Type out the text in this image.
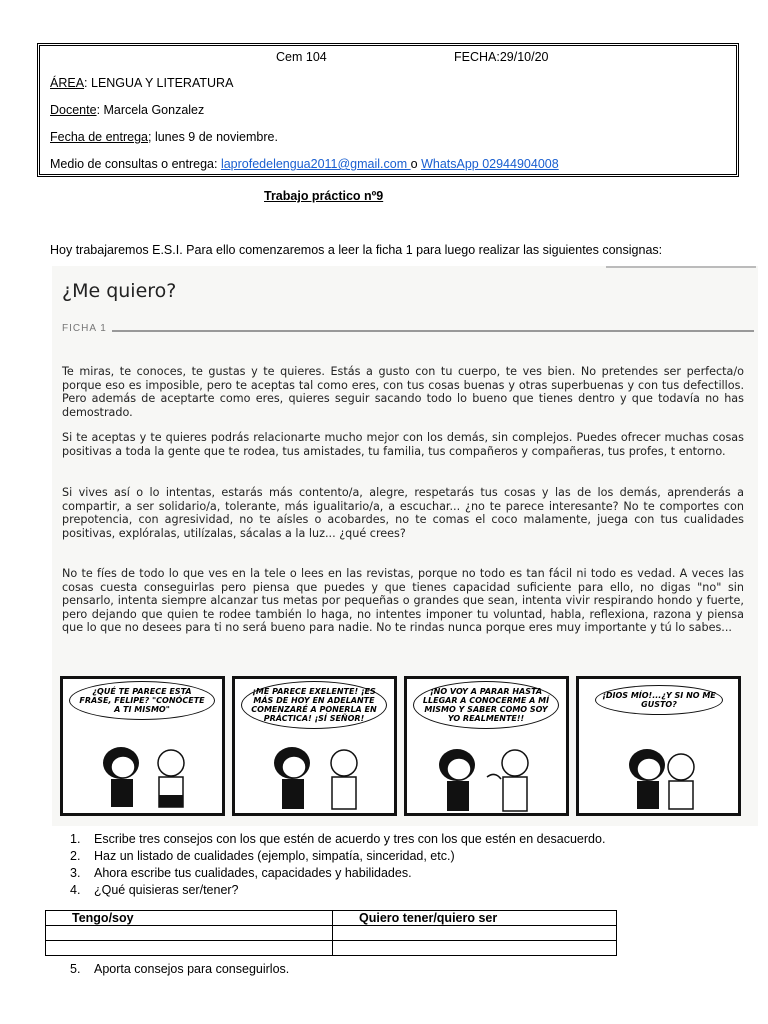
Cem 104	FECHA:29/10/20
ÁREA: LENGUA Y LITERATURA
Docente: Marcela Gonzalez
Fecha de entrega; lunes 9 de noviembre.
Medio de consultas o entrega: laprofedelengua2011@gmail.com o WhatsApp 02944904008
Trabajo práctico nº9
Hoy trabajaremos E.S.I. Para ello comenzaremos a leer la ficha 1 para luego realizar las siguientes consignas:
¿Me quiero?
FICHA 1
Te miras, te conoces, te gustas y te quieres. Estás a gusto con tu cuerpo, te ves bien. No pretendes ser perfecta/o porque eso es imposible, pero te aceptas tal como eres, con tus cosas buenas y otras superbuenas y con tus defectillos. Pero además de aceptarte como eres, quieres seguir sacando todo lo bueno que tienes dentro y que todavía no has demostrado.
Si te aceptas y te quieres podrás relacionarte mucho mejor con los demás, sin complejos. Puedes ofrecer muchas cosas positivas a toda la gente que te rodea, tus amistades, tu familia, tus compañeros y compañeras, tus profes, t entorno.
Si vives así o lo intentas, estarás más contento/a, alegre, respetarás tus cosas y las de los demás, aprenderás a compartir, a ser solidario/a, tolerante, más igualitario/a, a escuchar... ¿no te parece interesante? No te comportes con prepotencia, con agresividad, no te aísles o acobardes, no te comas el coco malamente, juega con tus cualidades positivas, explóralas, utilízalas, sácalas a la luz... ¿qué crees?
No te fíes de todo lo que ves en la tele o lees en las revistas, porque no todo es tan fácil ni todo es vedad. A veces las cosas cuesta conseguirlas pero piensa que puedes y que tienes capacidad suficiente para ello, no digas "no" sin pensarlo, intenta siempre alcanzar tus metas por pequeñas o grandes que sean, intenta vivir respirando hondo y fuerte, pero dejando que quien te rodee también lo haga, no intentes imponer tu voluntad, habla, reflexiona, razona y piensa que lo que no desees para ti no será bueno para nadie. No te rindas nunca porque eres muy importante y tú lo sabes...
¿QUÉ TE PARECE ESTA FRASE, FELIPE? "CONÓCETE A TI MISMO"
¡ME PARECE EXELENTE! ¡ES MÁS DE HOY EN ADELANTE COMENZARÉ A PONERLA EN PRÁCTICA! ¡SÍ SEÑOR!
¡NO VOY A PARAR HASTA LLEGAR A CONOCERME A MÍ MISMO Y SABER COMO SOY YO REALMENTE!!
¡DIOS MÍO!...¿Y SI NO ME GUSTO?
1. Escribe tres consejos con los que estén de acuerdo y tres con los que estén en desacuerdo.
2. Haz un listado de cualidades (ejemplo, simpatía, sinceridad, etc.)
3. Ahora escribe tus cualidades, capacidades y habilidades.
4. ¿Qué quisieras ser/tener?
Tengo/soy	Quiero tener/quiero ser

5. Aporta consejos para conseguirlos.
